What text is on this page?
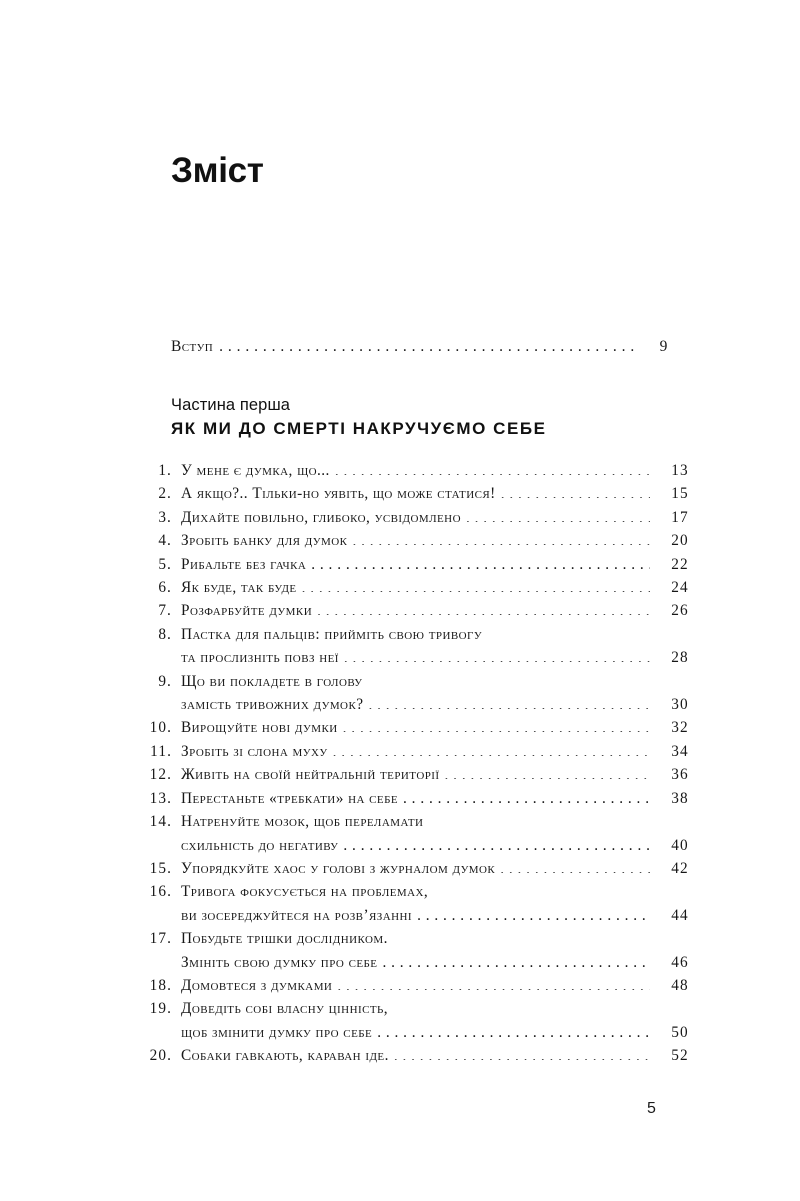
Зміст
Вступ . . .	9
Частина перша
ЯК МИ ДО СМЕРТІ НАКРУЧУЄМО СЕБЕ
1. У мене є думка, що... . . .	13
2. А якщо?.. Тільки-но уявіть, що може статися! . . .	15
3. Дихайте повільно, глибоко, усвідомлено . . .	17
4. Зробіть банку для думок . . .	20
5. Рибальте без гачка . . .	22
6. Як буде, так буде . . .	24
7. Розфарбуйте думки . . .	26
8. Пастка для пальців: прийміть свою тривогу
та прослизніть повз неї . . .	28
9. Що ви покладете в голову
замість тривожних думок? . . .	30
10. Вирощуйте нові думки . . .	32
11. Зробіть зі слона муху . . .	34
12. Живіть на своїй нейтральній території . . .	36
13. Перестаньте «требкати» на себе . . .	38
14. Натренуйте мозок, щоб переламати
схильність до негативу . . .	40
15. Упорядкуйте хаос у голові з журналом думок . . .	42
16. Тривога фокусується на проблемах,
ви зосереджуйтеся на розв’язанні . . .	44
17. Побудьте трішки дослідником.
Змініть свою думку про себе . . .	46
18. Домовтеся з думками . . .	48
19. Доведіть собі власну цінність,
щоб змінити думку про себе . . .	50
20. Собаки гавкають, караван іде. . . .	52
5
